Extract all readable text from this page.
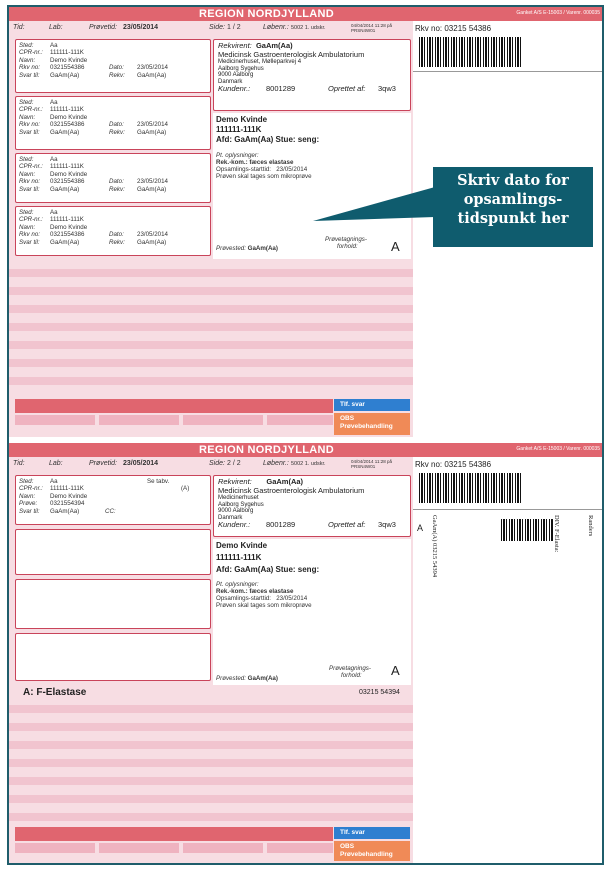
REGION NORDJYLLAND
Tid:	Lab:	Prøvetid: 23/05/2014	Side: 1 / 2	Løbenr.: 5002 1. udskr.	04/04/2014 11:28 på PRSN4W01
Sted:	Aa
CPR-nr.: 111111-111K
Navn: Demo Kvinde
Rkv no: 0321554386	Dato: 23/05/2014
Svar til: GaAm(Aa)	Rekv: GaAm(Aa)
Sted:	Aa
CPR-nr.: 111111-111K
Navn: Demo Kvinde
Rkv no: 0321554386	Dato: 23/05/2014
Svar til: GaAm(Aa)	Rekv: GaAm(Aa)
Sted:	Aa
CPR-nr.: 111111-111K
Navn: Demo Kvinde
Rkv no: 0321554386	Dato: 23/05/2014
Svar til: GaAm(Aa)	Rekv: GaAm(Aa)
Sted:	Aa
CPR-nr.: 111111-111K
Navn: Demo Kvinde
Rkv no: 0321554386	Dato: 23/05/2014
Svar til: GaAm(Aa)	Rekv: GaAm(Aa)
Rekvirent: GaAm(Aa)
Medicinsk Gastroenterologisk Ambulatorium
Medicinerhuset, Mølleparkvej 4
Aalborg Sygehus
9000 Aalborg
Danmark
Kundenr.: 8001289	Oprettet af: 3qw3
Demo Kvinde
111111-111K
Afd: GaAm(Aa) Stue: seng:
Pt. oplysninger:
Rek.-kom.: fæces elastase
Opsamlings-starttid: 23/05/2014
Prøven skal tages som mikroprøve
Prøvested: GaAm(Aa)
Prøvetagnings-
forhold:	A
Tlf. svar
OBS
Prøvebehandling
Ganket A/S E-15003 / Varenr. 000035
Rkv no: 03215 54386
Skriv dato for
opsamlings-
tidspunkt her
REGION NORDJYLLAND
Tid:	Lab:	Prøvetid: 23/05/2014	Side: 2 / 2	Løbenr.: 5002 1. udskr.	04/04/2014 11:28 på PRSN4W01
Sted:	Aa	Se tabv.
CPR-nr.: 111111-111K	(A)
Navn: Demo Kvinde
Prøve: 0321554394
Svar til: GaAm(Aa)	CC:
Rekvirent: GaAm(Aa)
Medicinsk Gastroenterologisk Ambulatorium
Medicinerhuset
Aalborg Sygehus
9000 Aalborg
Danmark
Kundenr.: 8001289	Oprettet af: 3qw3
Demo Kvinde
111111-111K
Afd: GaAm(Aa) Stue: seng:
Pt. oplysninger:
Rek.-kom.: fæces elastase
Opsamlings-starttid: 23/05/2014
Prøven skal tages som mikroprøve
Prøvested: GaAm(Aa)
Prøvetagnings-
forhold:	A
A: F-Elastase	03215 54394
Tlf. svar
OBS
Prøvebehandling
Ganket A/S E-15003 / Varenr. 000035
Rkv no: 03215 54386
A GaAm(A) 03215 54394	DIV. F-Elasta:	Randers
